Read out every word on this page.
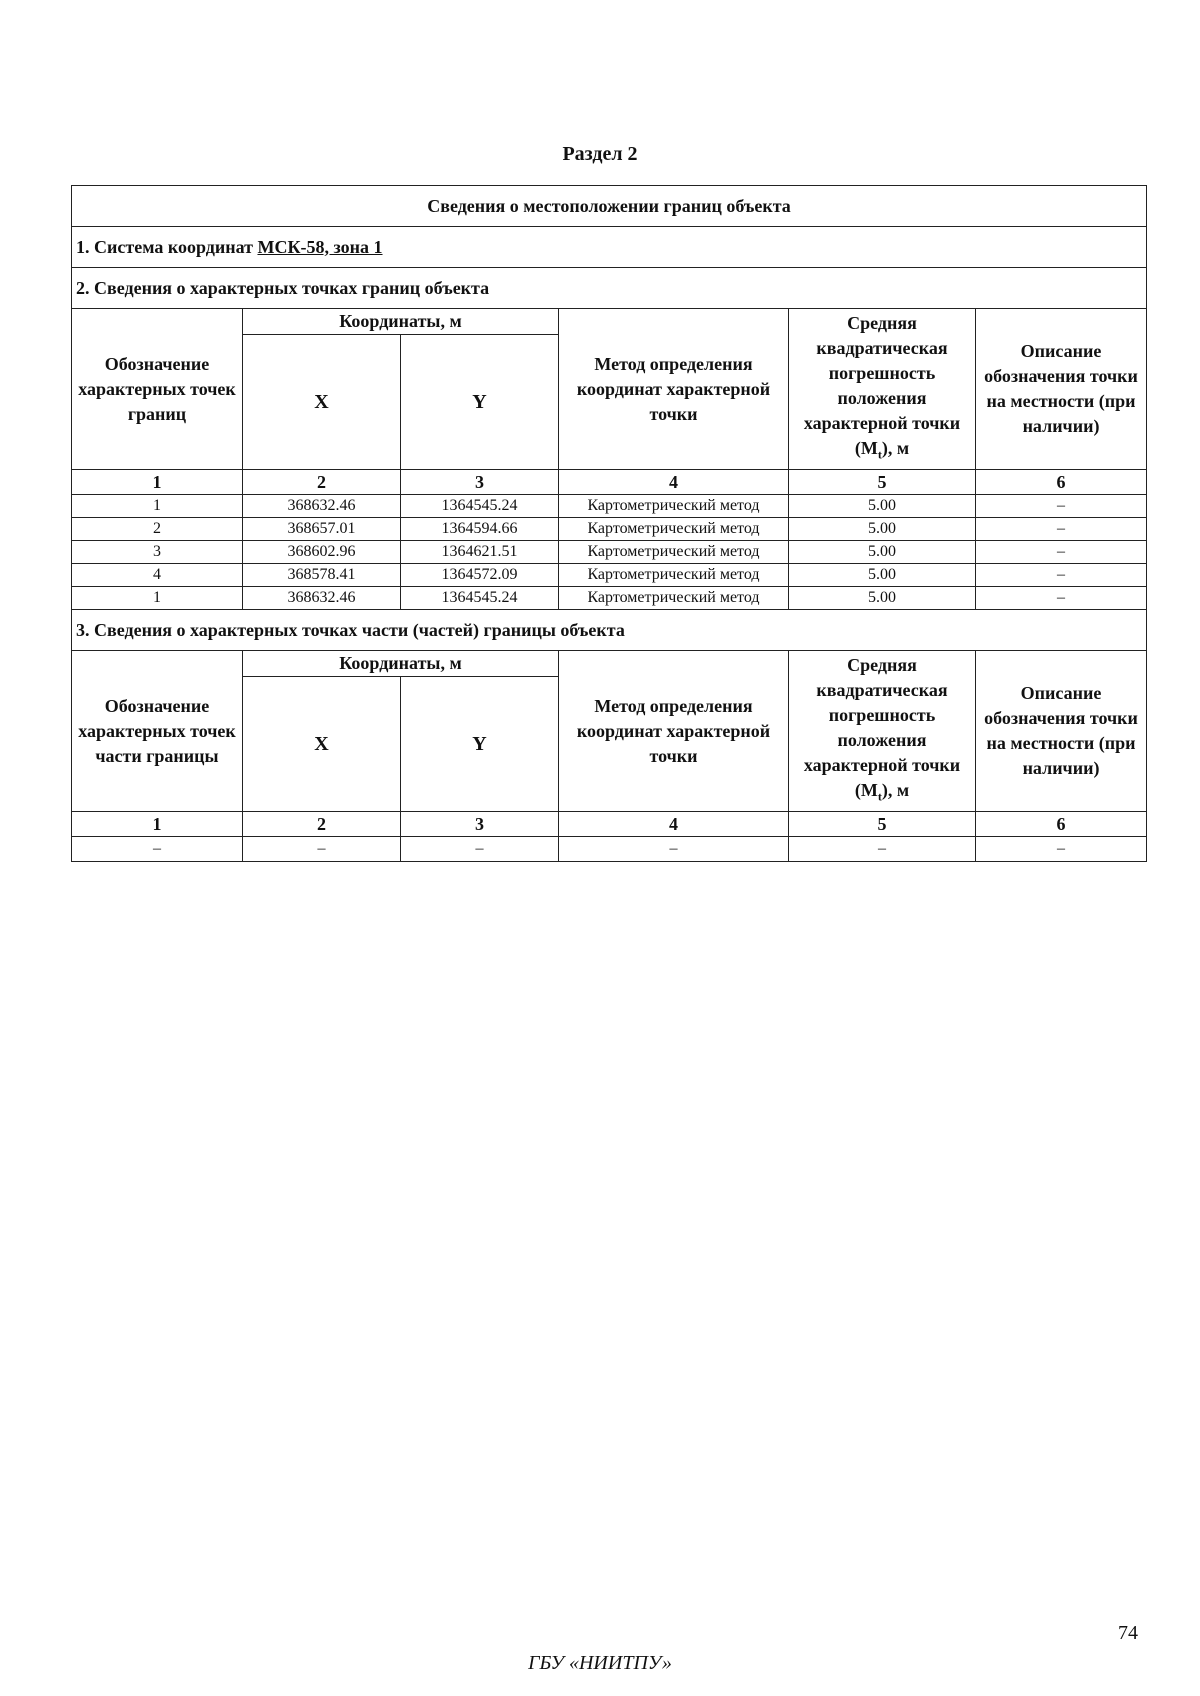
Раздел 2
Сведения о местоположении границ объекта					
1. Система координат МСК-58, зона 1					
2. Сведения о характерных точках границ объекта					
Обозначение характерных точек границ	Координаты, м		Метод определения координат характерной точки	Средняя квадратическая погрешность положения характерной точки $(M_t)$, м	Описание обозначения точки на местности (при наличии)
	X	Y			
1	2	3	4	5	6
1	368632.46	1364545.24	Картометрический метод	5.00	–
2	368657.01	1364594.66	Картометрический метод	5.00	–
3	368602.96	1364621.51	Картометрический метод	5.00	–
4	368578.41	1364572.09	Картометрический метод	5.00	–
1	368632.46	1364545.24	Картометрический метод	5.00	–
3. Сведения о характерных точках части (частей) границы объекта					
Обозначение характерных точек части границы	Координаты, м		Метод определения координат характерной точки	Средняя квадратическая погрешность положения характерной точки $(M_t)$, м	Описание обозначения точки на местности (при наличии)
	X	Y			
1	2	3	4	5	6
–	–	–	–	–	–
74
ГБУ «НИИТПУ»
